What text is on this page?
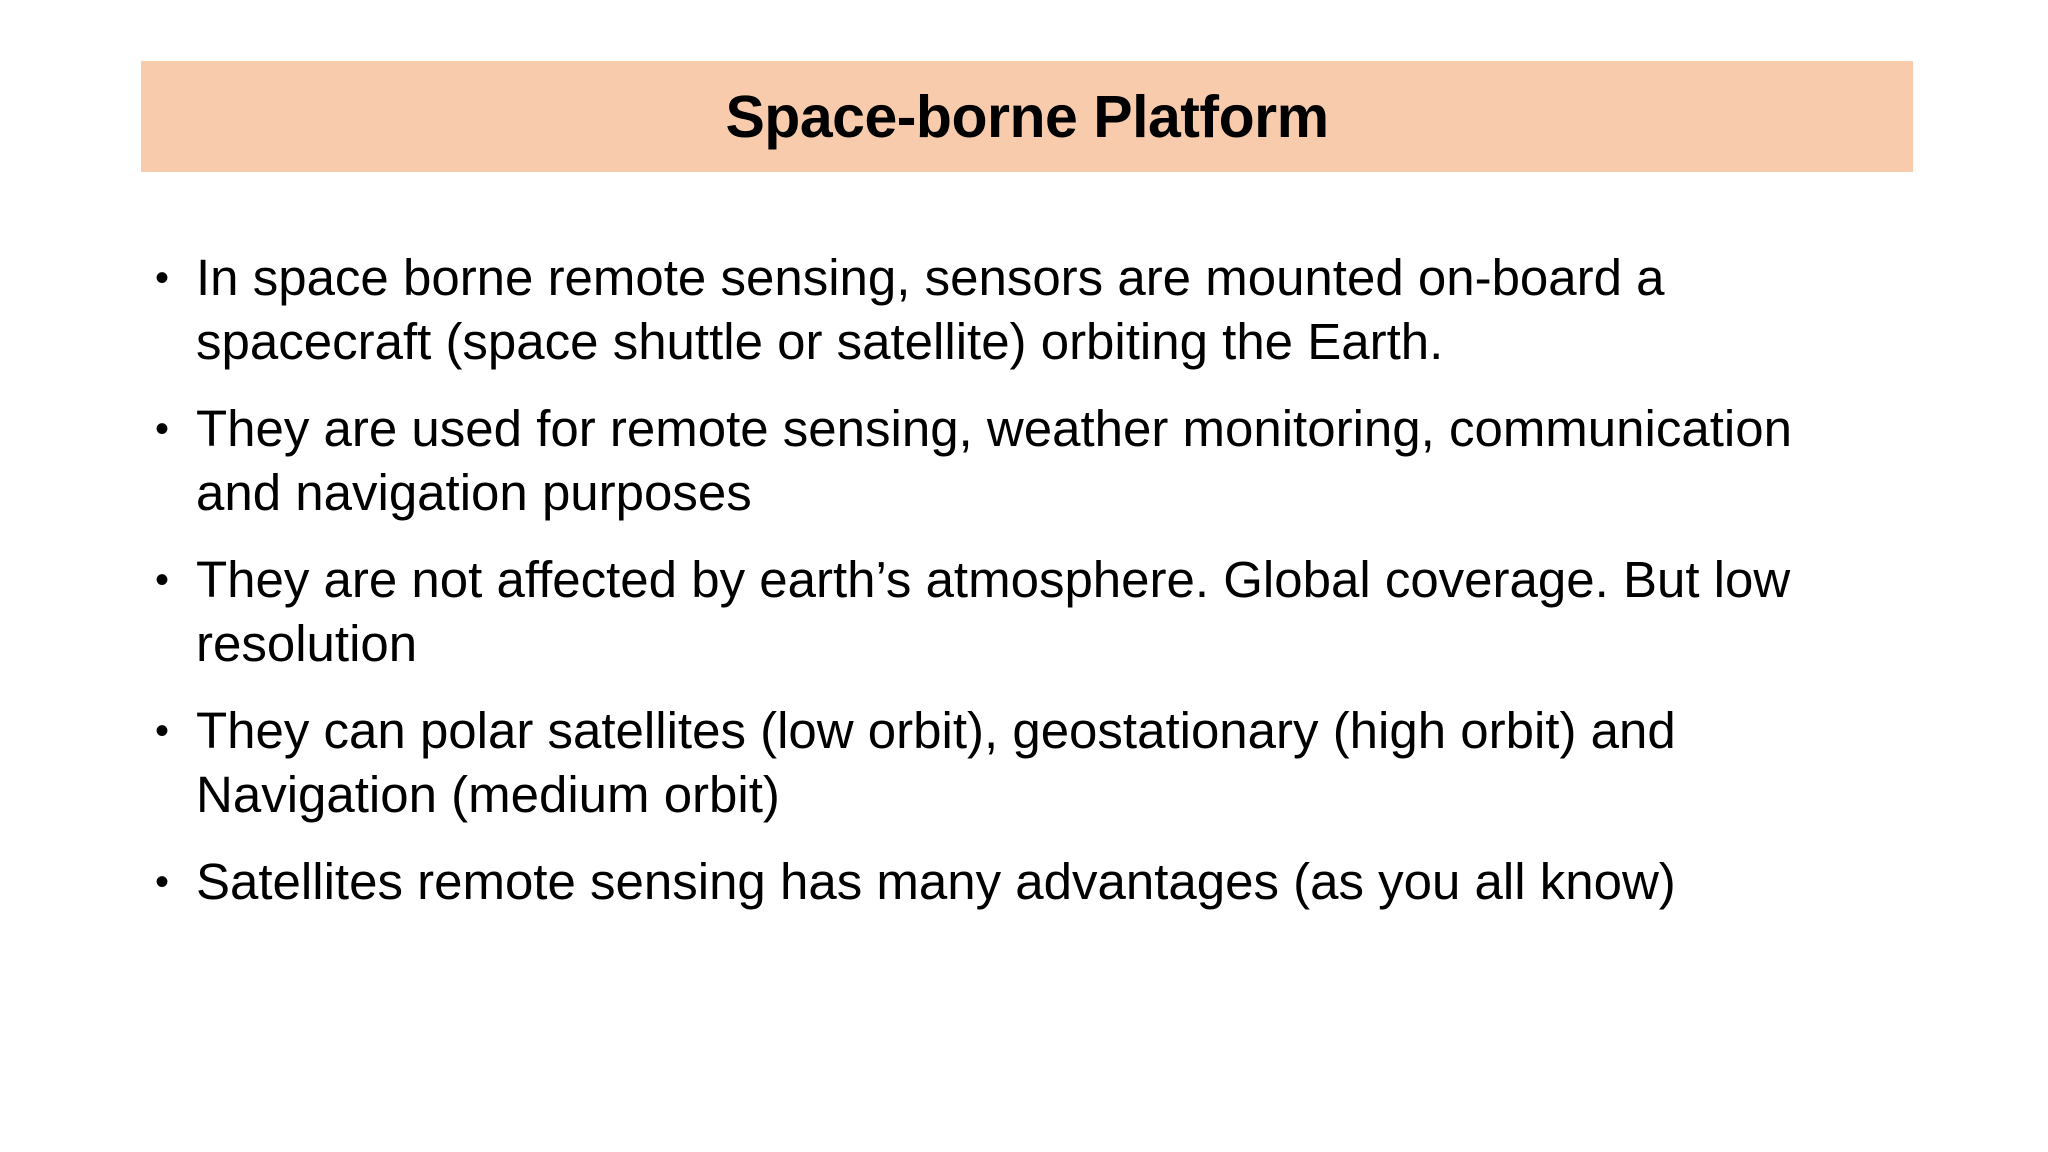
Space-borne Platform
• In space borne remote sensing, sensors are mounted on-board a spacecraft (space shuttle or satellite) orbiting the Earth.
• They are used for remote sensing, weather monitoring, communication and navigation purposes
• They are not affected by earth’s atmosphere. Global coverage. But low resolution
• They can polar satellites (low orbit), geostationary (high orbit) and Navigation (medium orbit)
• Satellites remote sensing has many advantages (as you all know)
